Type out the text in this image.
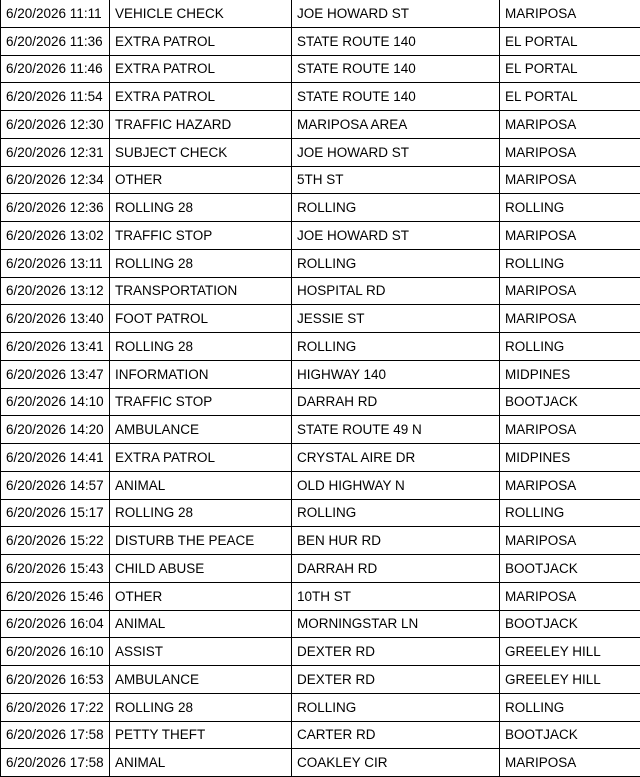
6/20/2026 11:11	VEHICLE CHECK	JOE HOWARD ST	MARIPOSA
6/20/2026 11:36	EXTRA PATROL	STATE ROUTE 140	EL PORTAL
6/20/2026 11:46	EXTRA PATROL	STATE ROUTE 140	EL PORTAL
6/20/2026 11:54	EXTRA PATROL	STATE ROUTE 140	EL PORTAL
6/20/2026 12:30	TRAFFIC HAZARD	MARIPOSA AREA	MARIPOSA
6/20/2026 12:31	SUBJECT CHECK	JOE HOWARD ST	MARIPOSA
6/20/2026 12:34	OTHER	5TH ST	MARIPOSA
6/20/2026 12:36	ROLLING 28	ROLLING	ROLLING
6/20/2026 13:02	TRAFFIC STOP	JOE HOWARD ST	MARIPOSA
6/20/2026 13:11	ROLLING 28	ROLLING	ROLLING
6/20/2026 13:12	TRANSPORTATION	HOSPITAL RD	MARIPOSA
6/20/2026 13:40	FOOT PATROL	JESSIE ST	MARIPOSA
6/20/2026 13:41	ROLLING 28	ROLLING	ROLLING
6/20/2026 13:47	INFORMATION	HIGHWAY 140	MIDPINES
6/20/2026 14:10	TRAFFIC STOP	DARRAH RD	BOOTJACK
6/20/2026 14:20	AMBULANCE	STATE ROUTE 49 N	MARIPOSA
6/20/2026 14:41	EXTRA PATROL	CRYSTAL AIRE DR	MIDPINES
6/20/2026 14:57	ANIMAL	OLD HIGHWAY N	MARIPOSA
6/20/2026 15:17	ROLLING 28	ROLLING	ROLLING
6/20/2026 15:22	DISTURB THE PEACE	BEN HUR RD	MARIPOSA
6/20/2026 15:43	CHILD ABUSE	DARRAH RD	BOOTJACK
6/20/2026 15:46	OTHER	10TH ST	MARIPOSA
6/20/2026 16:04	ANIMAL	MORNINGSTAR LN	BOOTJACK
6/20/2026 16:10	ASSIST	DEXTER RD	GREELEY HILL
6/20/2026 16:53	AMBULANCE	DEXTER RD	GREELEY HILL
6/20/2026 17:22	ROLLING 28	ROLLING	ROLLING
6/20/2026 17:58	PETTY THEFT	CARTER RD	BOOTJACK
6/20/2026 17:58	ANIMAL	COAKLEY CIR	MARIPOSA
